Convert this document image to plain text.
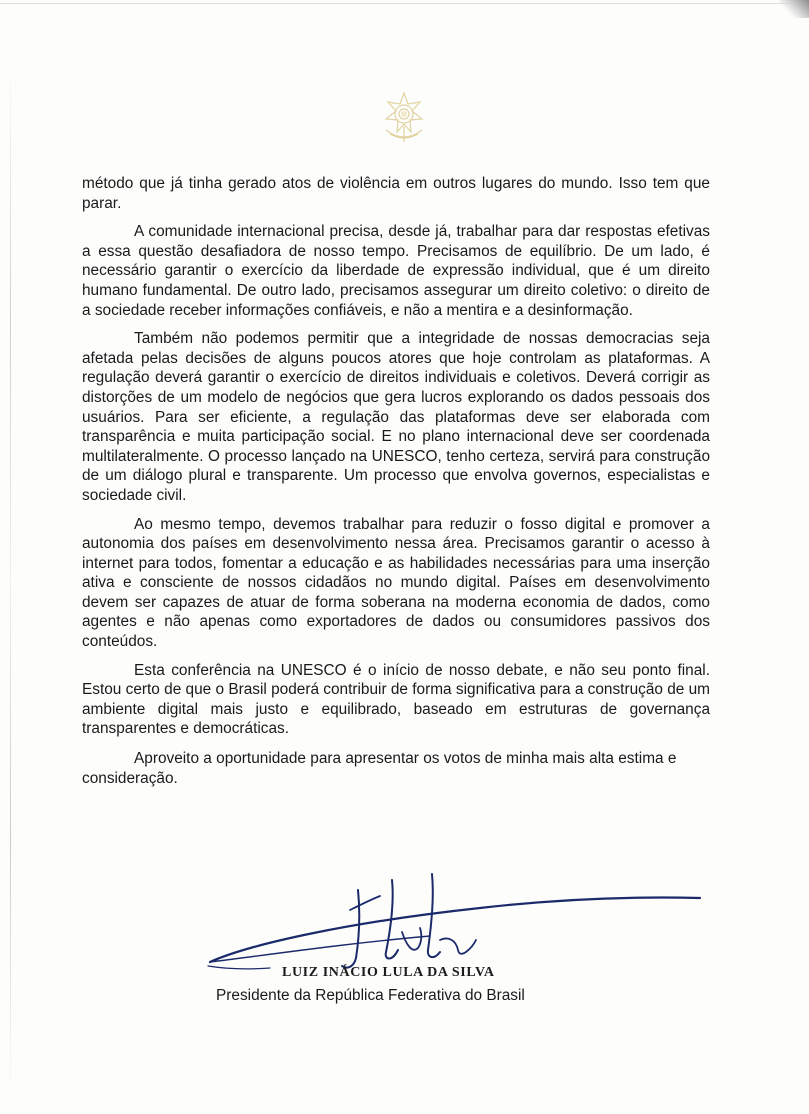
método que já tinha gerado atos de violência em outros lugares do mundo. Isso tem que parar.

A comunidade internacional precisa, desde já, trabalhar para dar respostas efetivas a essa questão desafiadora de nosso tempo. Precisamos de equilíbrio. De um lado, é necessário garantir o exercício da liberdade de expressão individual, que é um direito humano fundamental. De outro lado, precisamos assegurar um direito coletivo: o direito de a sociedade receber informações confiáveis, e não a mentira e a desinformação.

Também não podemos permitir que a integridade de nossas democracias seja afetada pelas decisões de alguns poucos atores que hoje controlam as plataformas. A regulação deverá garantir o exercício de direitos individuais e coletivos. Deverá corrigir as distorções de um modelo de negócios que gera lucros explorando os dados pessoais dos usuários. Para ser eficiente, a regulação das plataformas deve ser elaborada com transparência e muita participação social. E no plano internacional deve ser coordenada multilateralmente. O processo lançado na UNESCO, tenho certeza, servirá para construção de um diálogo plural e transparente. Um processo que envolva governos, especialistas e sociedade civil.

Ao mesmo tempo, devemos trabalhar para reduzir o fosso digital e promover a autonomia dos países em desenvolvimento nessa área. Precisamos garantir o acesso à internet para todos, fomentar a educação e as habilidades necessárias para uma inserção ativa e consciente de nossos cidadãos no mundo digital. Países em desenvolvimento devem ser capazes de atuar de forma soberana na moderna economia de dados, como agentes e não apenas como exportadores de dados ou consumidores passivos dos conteúdos.

Esta conferência na UNESCO é o início de nosso debate, e não seu ponto final. Estou certo de que o Brasil poderá contribuir de forma significativa para a construção de um ambiente digital mais justo e equilibrado, baseado em estruturas de governança transparentes e democráticas.

Aproveito a oportunidade para apresentar os votos de minha mais alta estima e consideração.

LUIZ INÁCIO LULA DA SILVA
Presidente da República Federativa do Brasil
